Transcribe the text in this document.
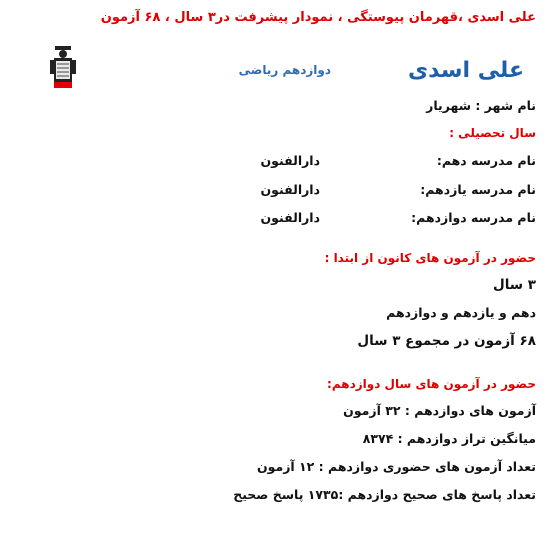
علی اسدی ،قهرمان پیوستگی ، نمودار پیشرفت در۳ سال ، ۶۸ آزمون
علی اسدی
دوازدهم ریاضی
نام شهر : شهریار
سال تحصیلی :
نام مدرسه دهم:
دارالفنون
نام مدرسه یازدهم:
دارالفنون
نام مدرسه دوازدهم:
دارالفنون
حضور در آزمون های کانون از ابتدا :
۳ سال
دهم و یازدهم و دوازدهم
۶۸ آزمون در مجموع ۳ سال
حضور در آزمون های سال دوازدهم:
آزمون های دوازدهم : ۳۲ آزمون
میانگین تراز دوازدهم : ۸۳۷۴
تعداد آزمون های حضوری دوازدهم : ۱۲ آزمون
تعداد پاسخ های صحیح دوازدهم :۱۷۳۵ پاسخ صحیح
